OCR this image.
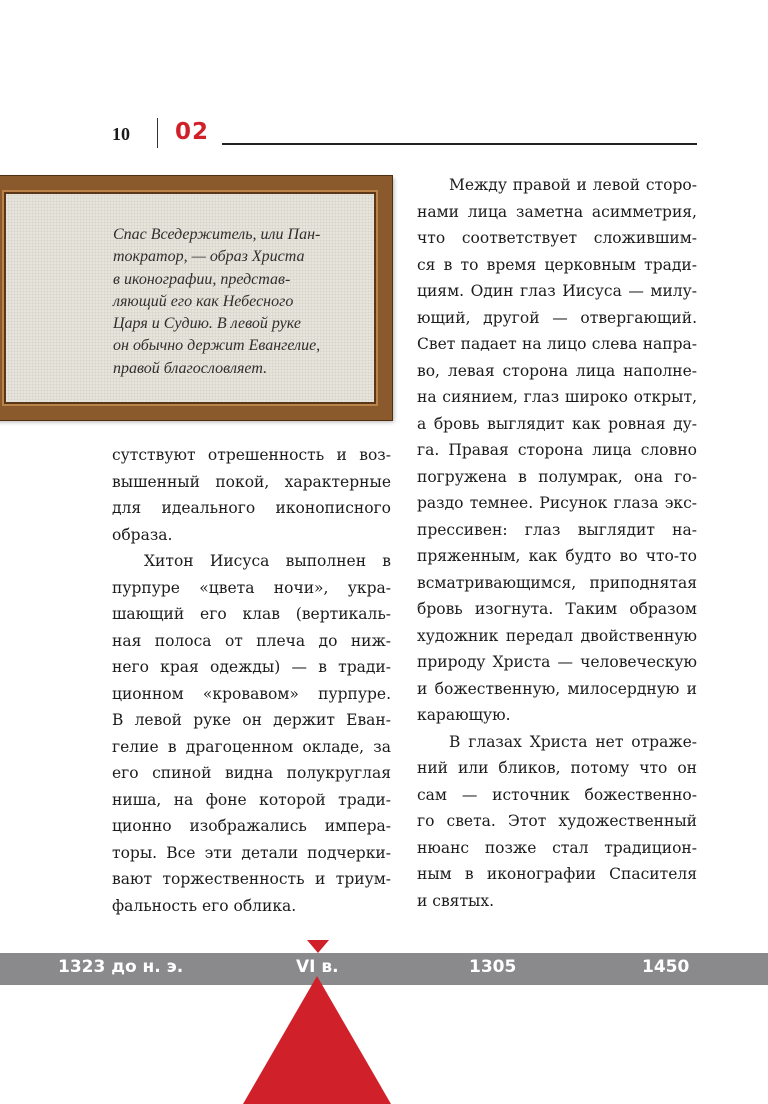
10 02

Спас Вседержитель, или Пан-
тократор, — образ Христа
в иконографии, представ-
ляющий его как Небесного
Царя и Судию. В левой руке
он обычно держит Евангелие,
правой благословляет.

сутствуют отрешенность и воз-
вышенный покой, характерные
для идеального иконописного
образа.
Хитон Иисуса выполнен в
пурпуре «цвета ночи», укра-
шающий его клав (вертикаль-
ная полоса от плеча до ниж-
него края одежды) — в тради-
ционном «кровавом» пурпуре.
В левой руке он держит Еван-
гелие в драгоценном окладе, за
его спиной видна полукруглая
ниша, на фоне которой тради-
ционно изображались импера-
торы. Все эти детали подчерки-
вают торжественность и триум-
фальность его облика.
Между правой и левой сторо-
нами лица заметна асимметрия,
что соответствует сложившим-
ся в то время церковным тради-
циям. Один глаз Иисуса — милу-
ющий, другой — отвергающий.
Свет падает на лицо слева напра-
во, левая сторона лица наполне-
на сиянием, глаз широко открыт,
а бровь выглядит как ровная ду-
га. Правая сторона лица словно
погружена в полумрак, она го-
раздо темнее. Рисунок глаза экс-
прессивен: глаз выглядит на-
пряженным, как будто во что-то
всматривающимся, приподнятая
бровь изогнута. Таким образом
художник передал двойственную
природу Христа — человеческую
и божественную, милосердную и
карающую.
В глазах Христа нет отраже-
ний или бликов, потому что он
сам — источник божественно-
го света. Этот художественный
нюанс позже стал традицион-
ным в иконографии Спасителя
и святых.
1323 до н. э.	VI в.	1305	1450
